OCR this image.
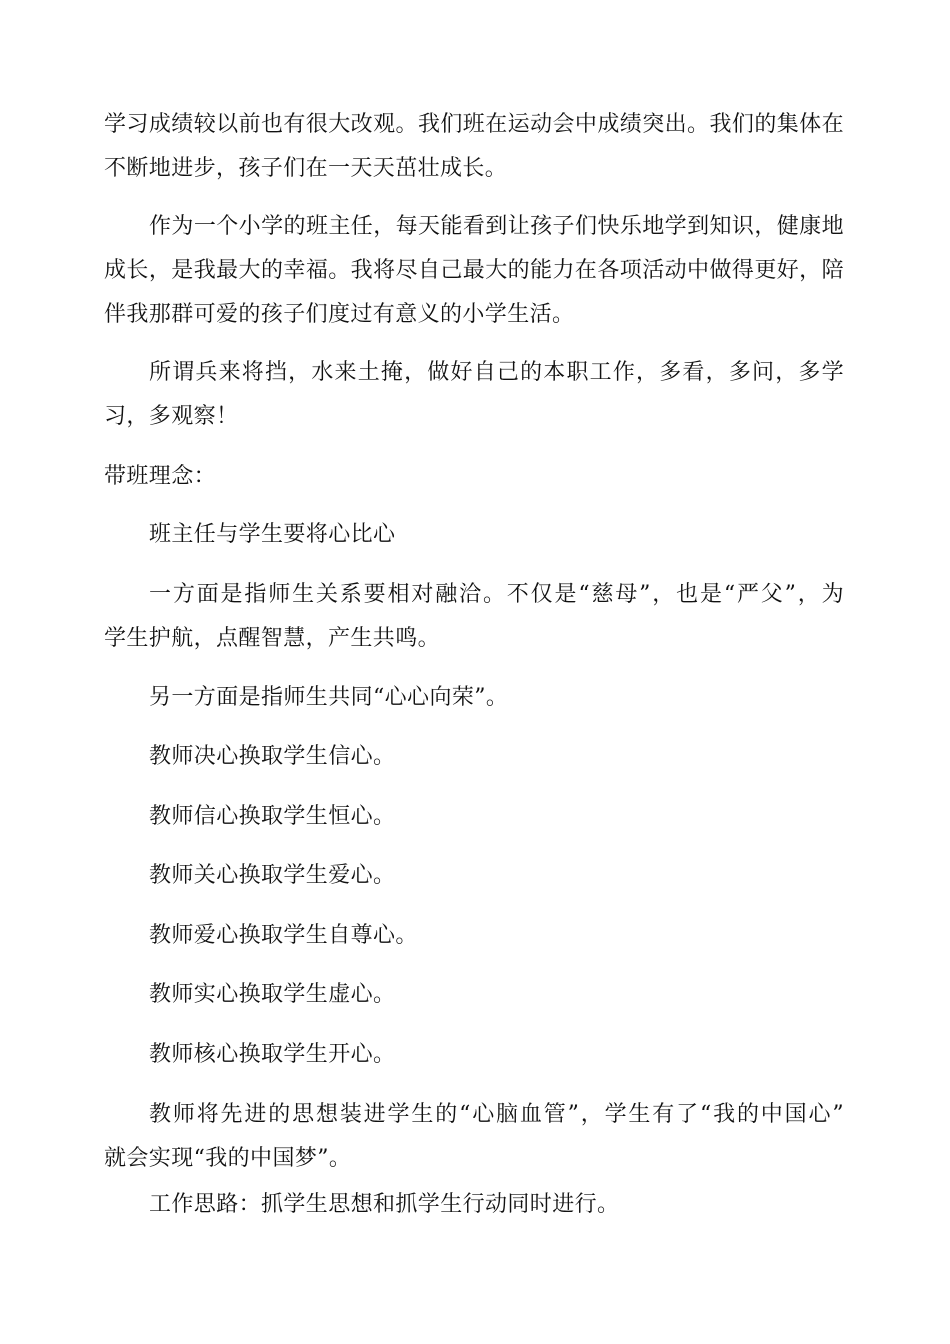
学习成绩较以前也有很大改观。我们班在运动会中成绩突出。我们的集体在
不断地进步，孩子们在一天天茁壮成长。
作为一个小学的班主任，每天能看到让孩子们快乐地学到知识，健康地
成长，是我最大的幸福。我将尽自己最大的能力在各项活动中做得更好，陪
伴我那群可爱的孩子们度过有意义的小学生活。
所谓兵来将挡，水来土掩，做好自己的本职工作，多看，多问，多学
习，多观察！
带班理念：
班主任与学生要将心比心
一方面是指师生关系要相对融洽。不仅是“慈母”，也是“严父”，为
学生护航，点醒智慧，产生共鸣。
另一方面是指师生共同“心心向荣”。
教师决心换取学生信心。
教师信心换取学生恒心。
教师关心换取学生爱心。
教师爱心换取学生自尊心。
教师实心换取学生虚心。
教师核心换取学生开心。
教师将先进的思想装进学生的“心脑血管”，学生有了“我的中国心”
就会实现“我的中国梦”。
工作思路：抓学生思想和抓学生行动同时进行。
